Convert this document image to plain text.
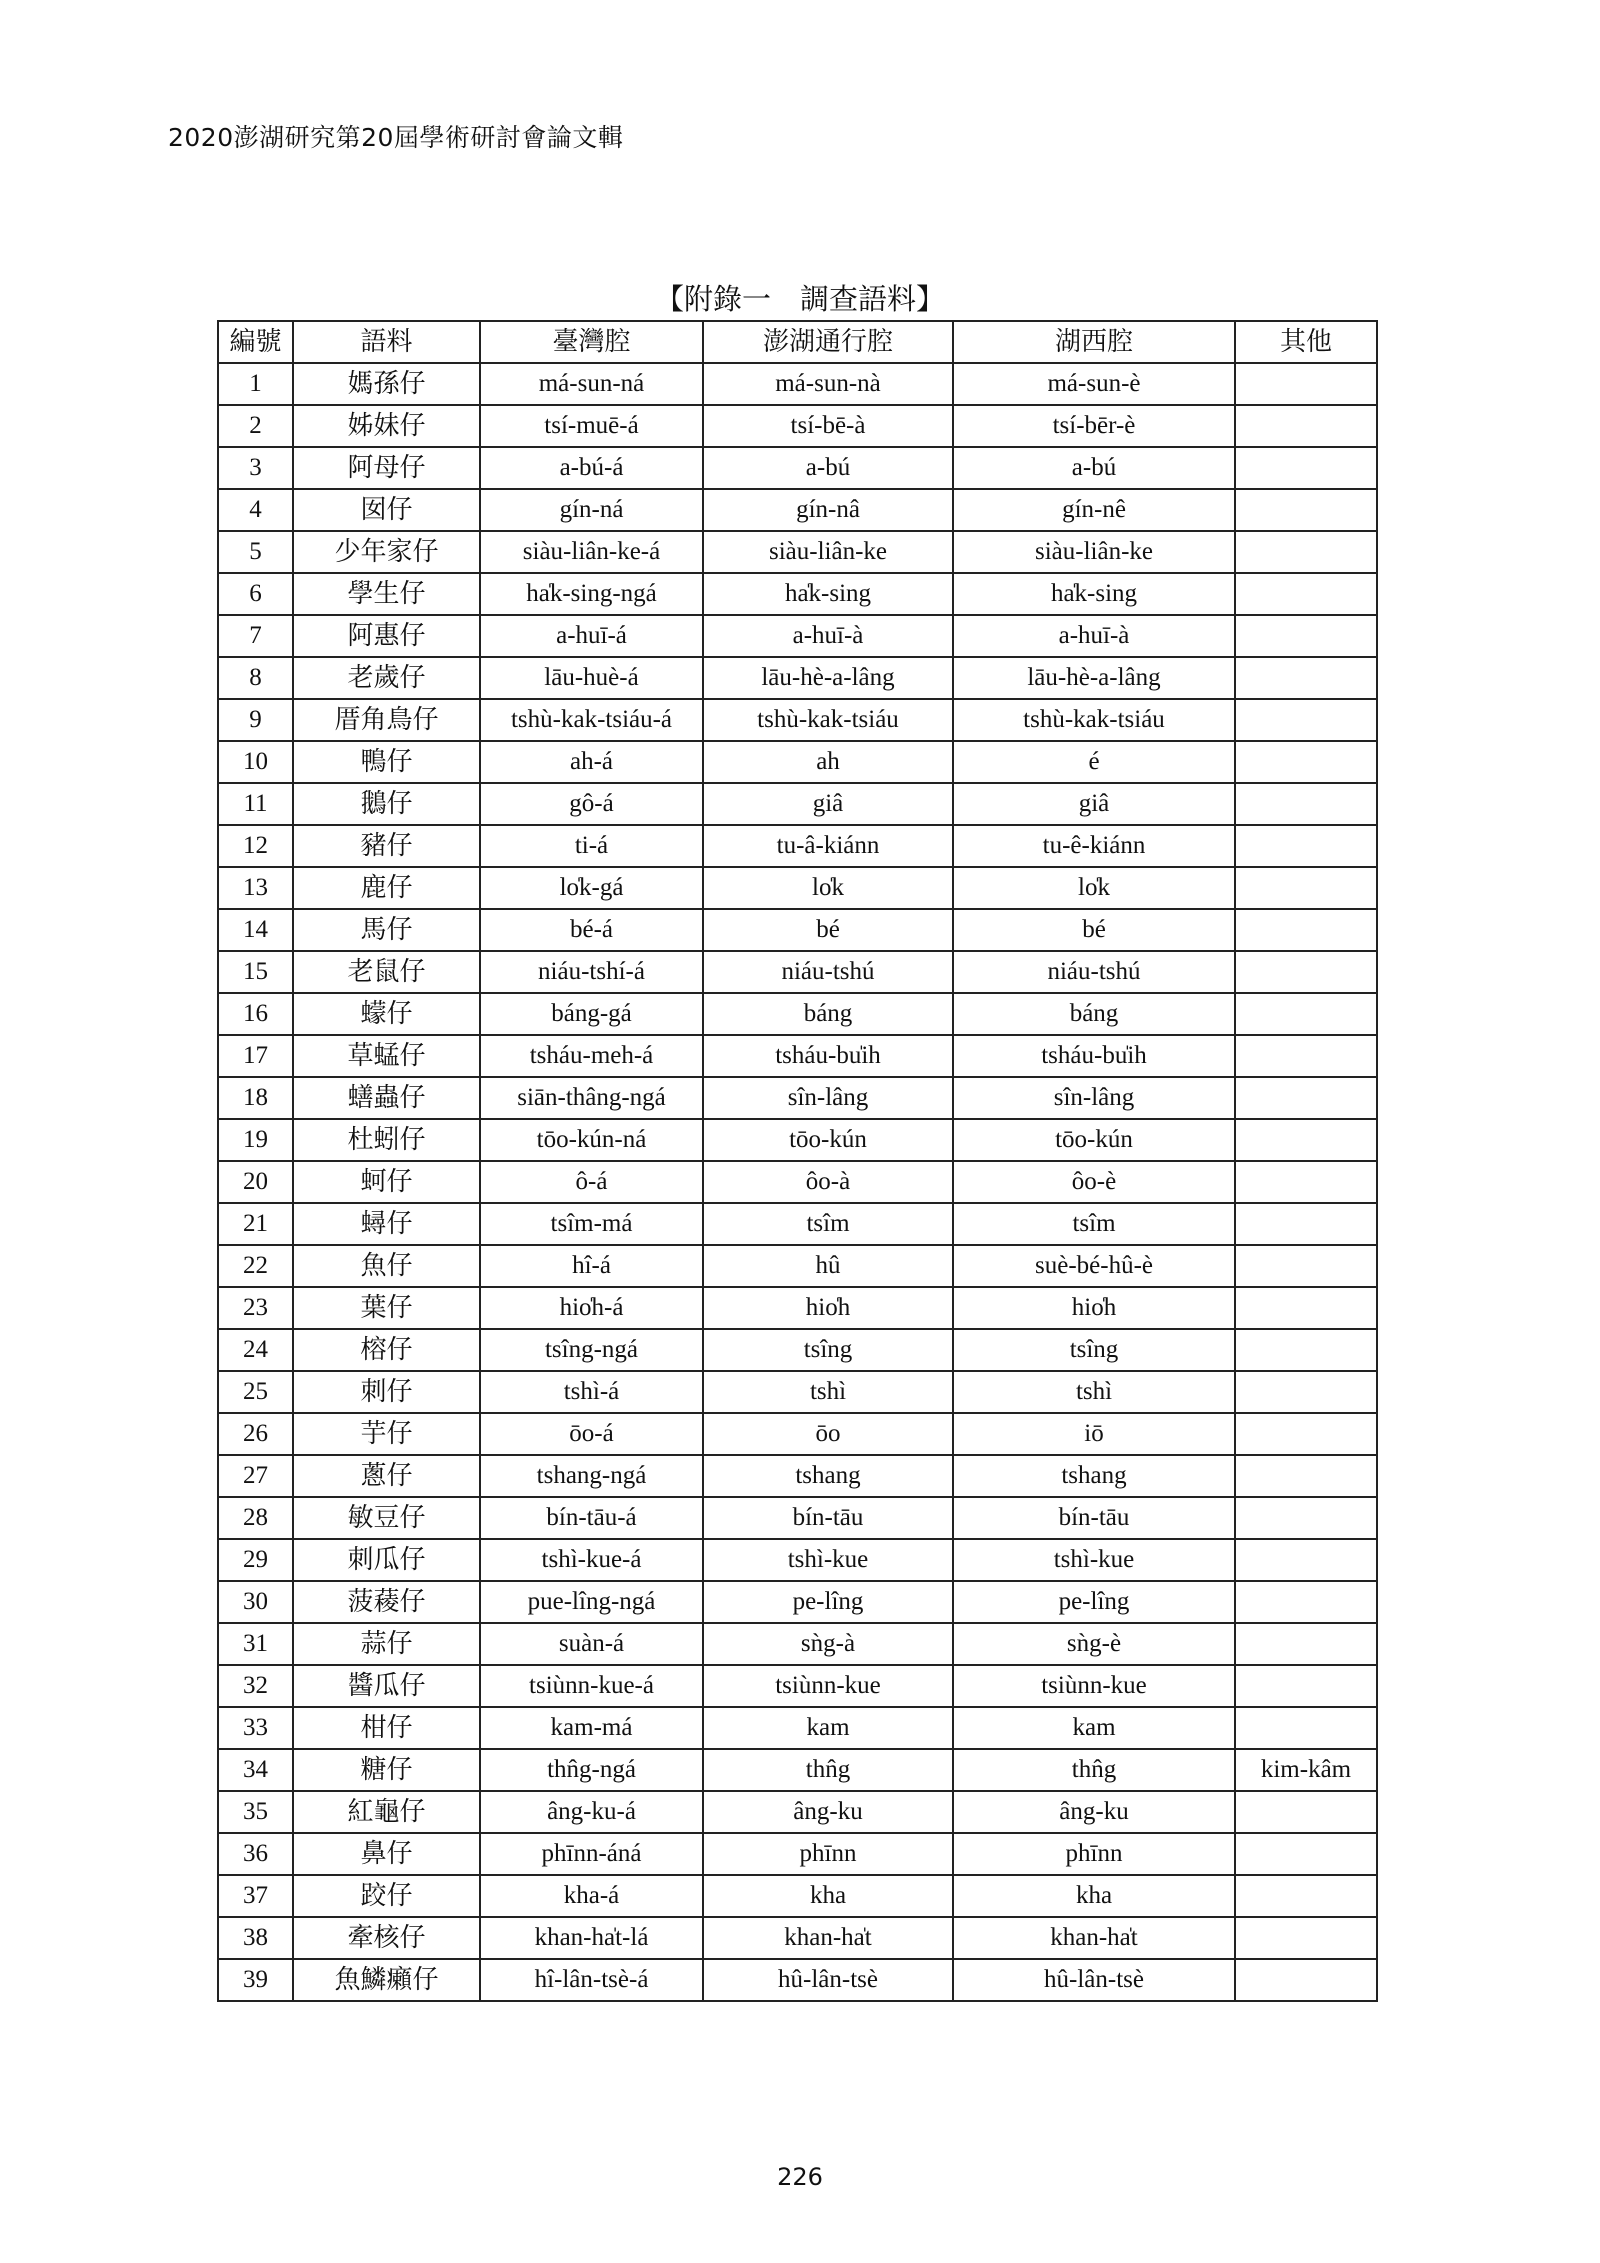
2020澎湖研究第20屆學術研討會論文輯
【附錄一　調查語料】
編號	語料	臺灣腔	澎湖通行腔	湖西腔	其他
1	媽孫仔	má-sun-ná	má-sun-nà	má-sun-è	
2	姊妹仔	tsí-muē-á	tsí-bē-à	tsí-bēr-è	
3	阿母仔	a-bú-á	a-bú	a-bú	
4	囡仔	gín-ná	gín-nâ	gín-nê	
5	少年家仔	siàu-liân-ke-á	siàu-liân-ke	siàu-liân-ke	
6	學生仔	ha̍k-sing-ngá	ha̍k-sing	ha̍k-sing	
7	阿惠仔	a-huī-á	a-huī-à	a-huī-à	
8	老歲仔	lāu-huè-á	lāu-hè-a-lâng	lāu-hè-a-lâng	
9	厝角鳥仔	tshù-kak-tsiáu-á	tshù-kak-tsiáu	tshù-kak-tsiáu	
10	鴨仔	ah-á	ah	é	
11	鵝仔	gô-á	giâ	giâ	
12	豬仔	ti-á	tu-â-kiánn	tu-ê-kiánn	
13	鹿仔	lo̍k-gá	lo̍k	lo̍k	
14	馬仔	bé-á	bé	bé	
15	老鼠仔	niáu-tshí-á	niáu-tshú	niáu-tshú	
16	蠓仔	báng-gá	báng	báng	
17	草蜢仔	tsháu-meh-á	tsháu-bu̍ih	tsháu-bu̍ih	
18	蟮蟲仔	siān-thâng-ngá	sîn-lâng	sîn-lâng	
19	杜蚓仔	tōo-kún-ná	tōo-kún	tōo-kún	
20	蚵仔	ô-á	ôo-à	ôo-è	
21	蟳仔	tsîm-má	tsîm	tsîm	
22	魚仔	hî-á	hû	suè-bé-hû-è	
23	葉仔	hio̍h-á	hio̍h	hio̍h	
24	榕仔	tsîng-ngá	tsîng	tsîng	
25	刺仔	tshì-á	tshì	tshì	
26	芋仔	ōo-á	ōo	iō	
27	蔥仔	tshang-ngá	tshang	tshang	
28	敏豆仔	bín-tāu-á	bín-tāu	bín-tāu	
29	刺瓜仔	tshì-kue-á	tshì-kue	tshì-kue	
30	菠薐仔	pue-lîng-ngá	pe-lîng	pe-lîng	
31	蒜仔	suàn-á	sǹg-à	sǹg-è	
32	醬瓜仔	tsiùnn-kue-á	tsiùnn-kue	tsiùnn-kue	
33	柑仔	kam-má	kam	kam	
34	糖仔	thn̂g-ngá	thn̂g	thn̂g	kim-kâm
35	紅龜仔	âng-ku-á	âng-ku	âng-ku	
36	鼻仔	phīnn-áná	phīnn	phīnn	
37	跤仔	kha-á	kha	kha	
38	牽核仔	khan-ha̍t-lá	khan-ha̍t	khan-ha̍t	
39	魚鱗癩仔	hî-lân-tsè-á	hû-lân-tsè	hû-lân-tsè	
226
